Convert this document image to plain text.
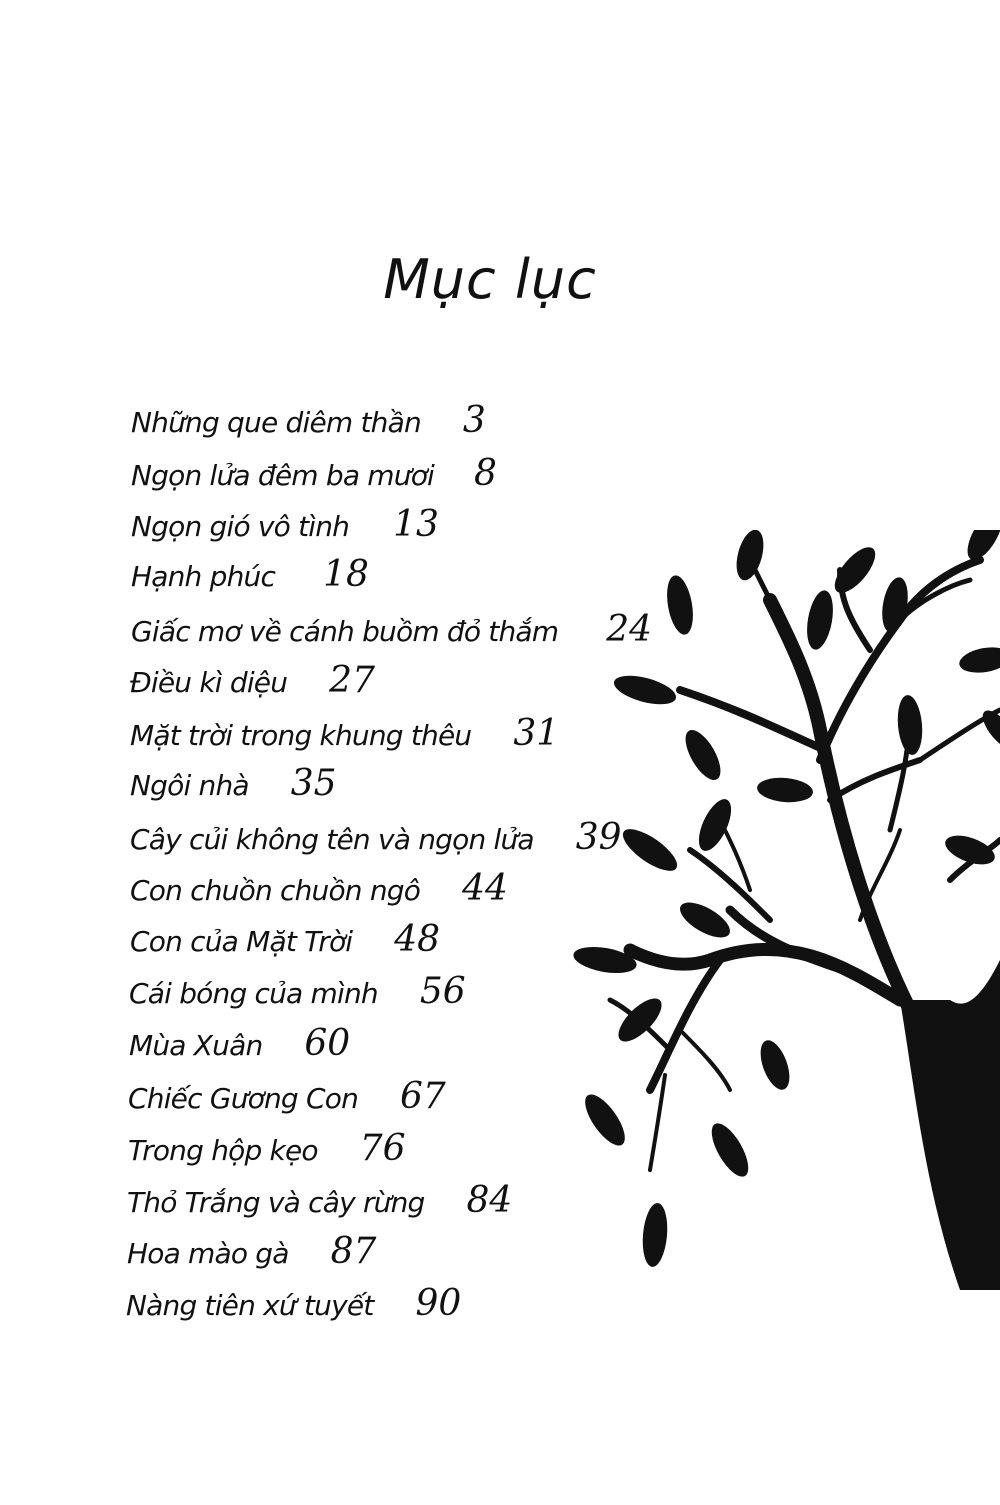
Mục lục
Những que diêm thần 3
Ngọn lửa đêm ba mươi 8
Ngọn gió vô tình 13
Hạnh phúc 18
Giấc mơ về cánh buồm đỏ thắm 24
Điều kì diệu 27
Mặt trời trong khung thêu 31
Ngôi nhà 35
Cây củi không tên và ngọn lửa 39
Con chuồn chuồn ngô 44
Con của Mặt Trời 48
Cái bóng của mình 56
Mùa Xuân 60
Chiếc Gương Con 67
Trong hộp kẹo 76
Thỏ Trắng và cây rừng 84
Hoa mào gà 87
Nàng tiên xứ tuyết 90
